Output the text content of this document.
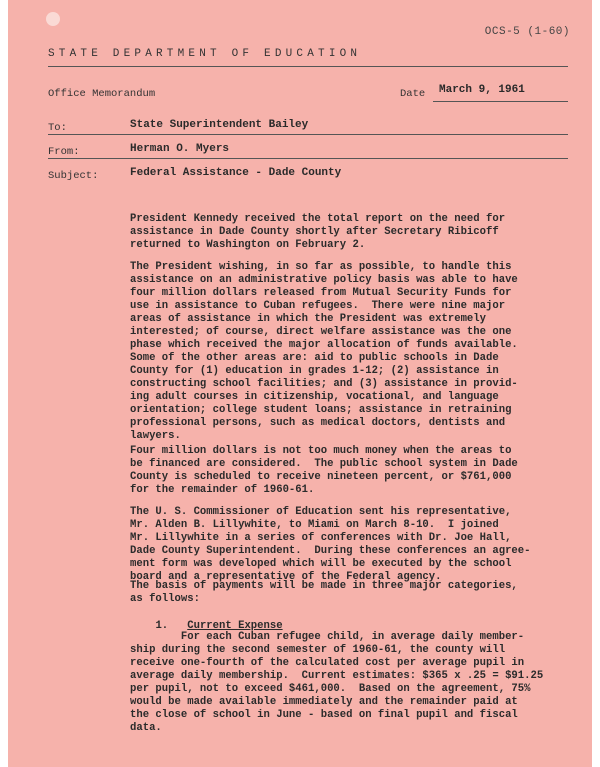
OCS-5 (1-60)
STATE DEPARTMENT OF EDUCATION
Office Memorandum	Date	March 9, 1961
To:	State Superintendent Bailey
From:	Herman O. Myers
Subject:	Federal Assistance - Dade County
President Kennedy received the total report on the need for
assistance in Dade County shortly after Secretary Ribicoff
returned to Washington on February 2.
The President wishing, in so far as possible, to handle this
assistance on an administrative policy basis was able to have
four million dollars released from Mutual Security Funds for
use in assistance to Cuban refugees.  There were nine major
areas of assistance in which the President was extremely
interested; of course, direct welfare assistance was the one
phase which received the major allocation of funds available.
Some of the other areas are: aid to public schools in Dade
County for (1) education in grades 1-12; (2) assistance in
constructing school facilities; and (3) assistance in provid-
ing adult courses in citizenship, vocational, and language
orientation; college student loans; assistance in retraining
professional persons, such as medical doctors, dentists and
lawyers.
Four million dollars is not too much money when the areas to
be financed are considered.  The public school system in Dade
County is scheduled to receive nineteen percent, or $761,000
for the remainder of 1960-61.
The U. S. Commissioner of Education sent his representative,
Mr. Alden B. Lillywhite, to Miami on March 8-10.  I joined
Mr. Lillywhite in a series of conferences with Dr. Joe Hall,
Dade County Superintendent.  During these conferences an agree-
ment form was developed which will be executed by the school
board and a representative of the Federal agency.
The basis of payments will be made in three major categories,
as follows:

1. Current Expense

For each Cuban refugee child, in average daily member-
ship during the second semester of 1960-61, the county will
receive one-fourth of the calculated cost per average pupil in
average daily membership.  Current estimates: $365 x .25 = $91.25
per pupil, not to exceed $461,000.  Based on the agreement, 75%
would be made available immediately and the remainder paid at
the close of school in June - based on final pupil and fiscal
data.
